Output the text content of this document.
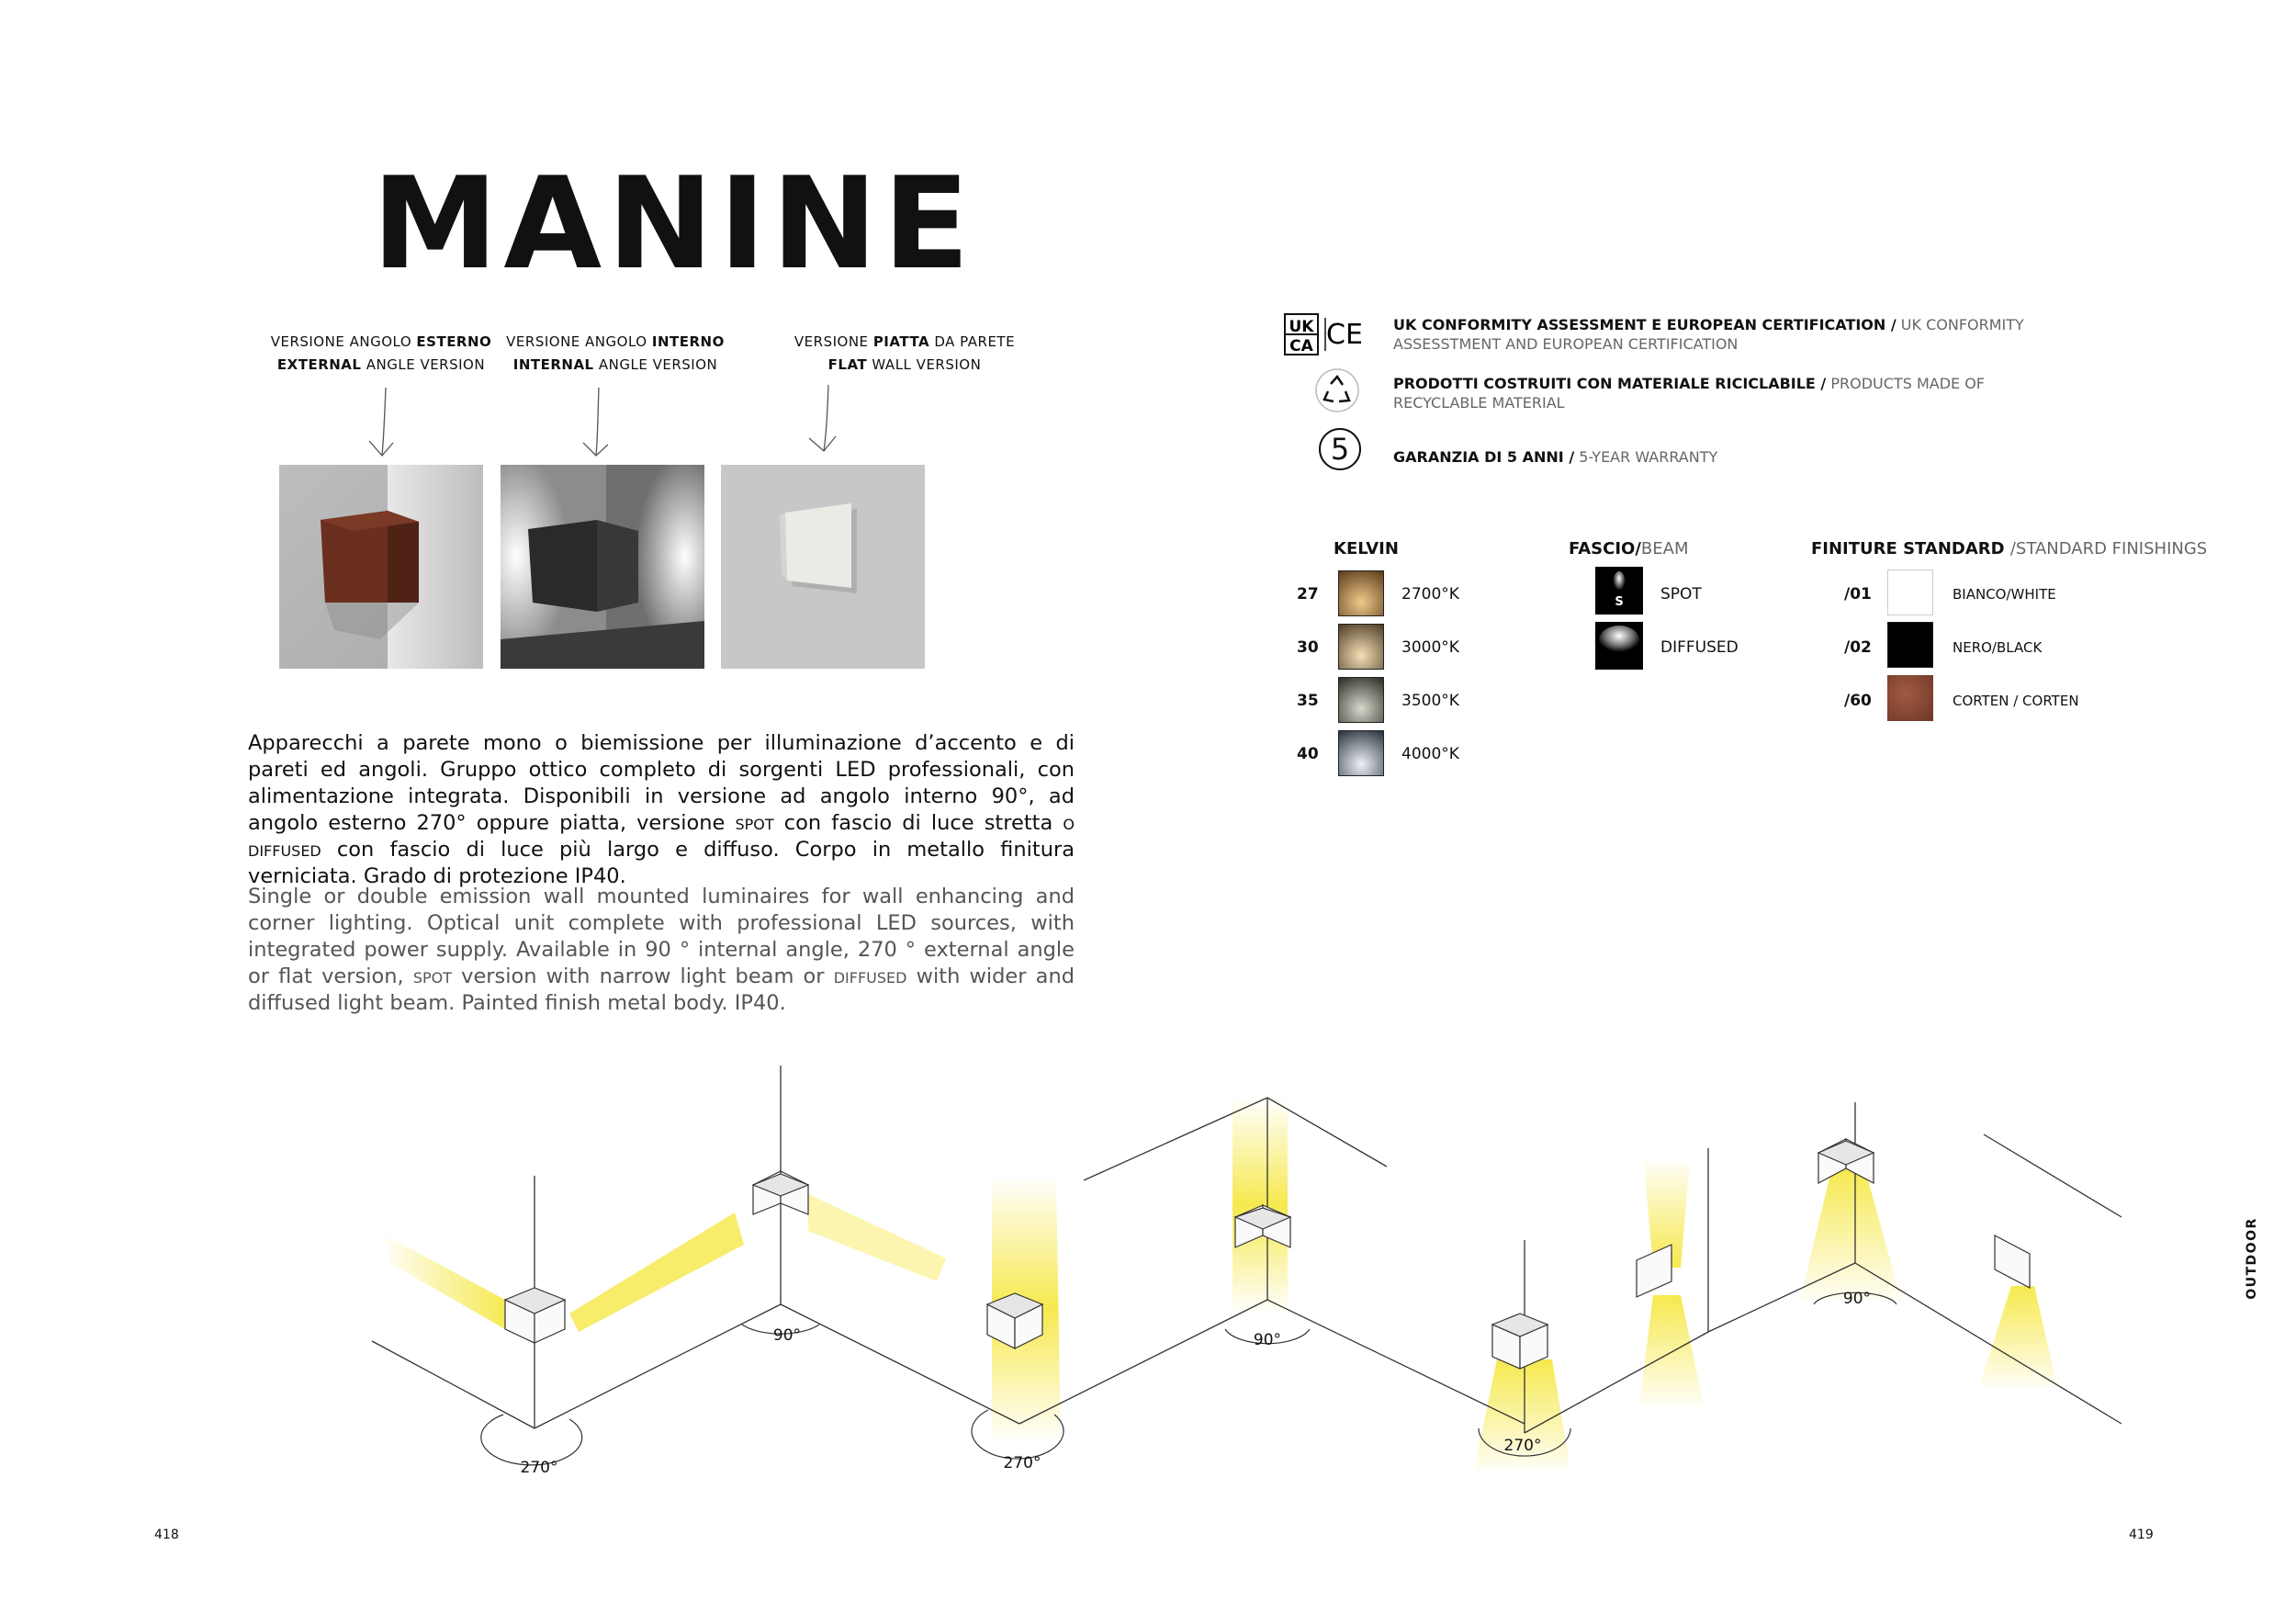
MANINE
VERSIONE ANGOLO ESTERNO
EXTERNAL ANGLE VERSION
VERSIONE ANGOLO INTERNO
INTERNAL ANGLE VERSION
VERSIONE PIATTA DA PARETE
FLAT WALL VERSION
Apparecchi a parete mono o biemissione per illuminazione d’accento e di pareti ed angoli. Gruppo ottico completo di sorgenti LED professionali, con alimentazione integrata. Disponibili in versione ad angolo interno 90°, ad angolo esterno 270° oppure piatta, versione spot con fascio di luce stretta o diffused con fascio di luce più largo e diffuso. Corpo in metallo finitura verniciata. Grado di protezione IP40.
Single or double emission wall mounted luminaires for wall enhancing and corner lighting. Optical unit complete with professional LED sources, with integrated power supply. Available in 90 ° internal angle, 270 ° external angle or flat version, spot version with narrow light beam or diffused with wider and diffused light beam. Painted finish metal body. IP40.
UK
CA CE UK CONFORMITY ASSESSMENT E EUROPEAN CERTIFICATION / UK CONFORMITY ASSESSTMENT AND EUROPEAN CERTIFICATION
PRODOTTI COSTRUITI CON MATERIALE RICICLABILE / PRODUCTS MADE OF RECYCLABLE MATERIAL
5	GARANZIA DI 5 ANNI / 5-YEAR WARRANTY
KELVIN
27	2700°K
30	3000°K
35	3500°K
40	4000°K
FASCIO/BEAM
S	SPOT
DIFFUSED
FINITURE STANDARD /STANDARD FINISHINGS
/01	BIANCO/WHITE
/02	NERO/BLACK
/60	CORTEN / CORTEN
270°
90°
270°
90°
270°
90°
418	419
OUTDOOR
